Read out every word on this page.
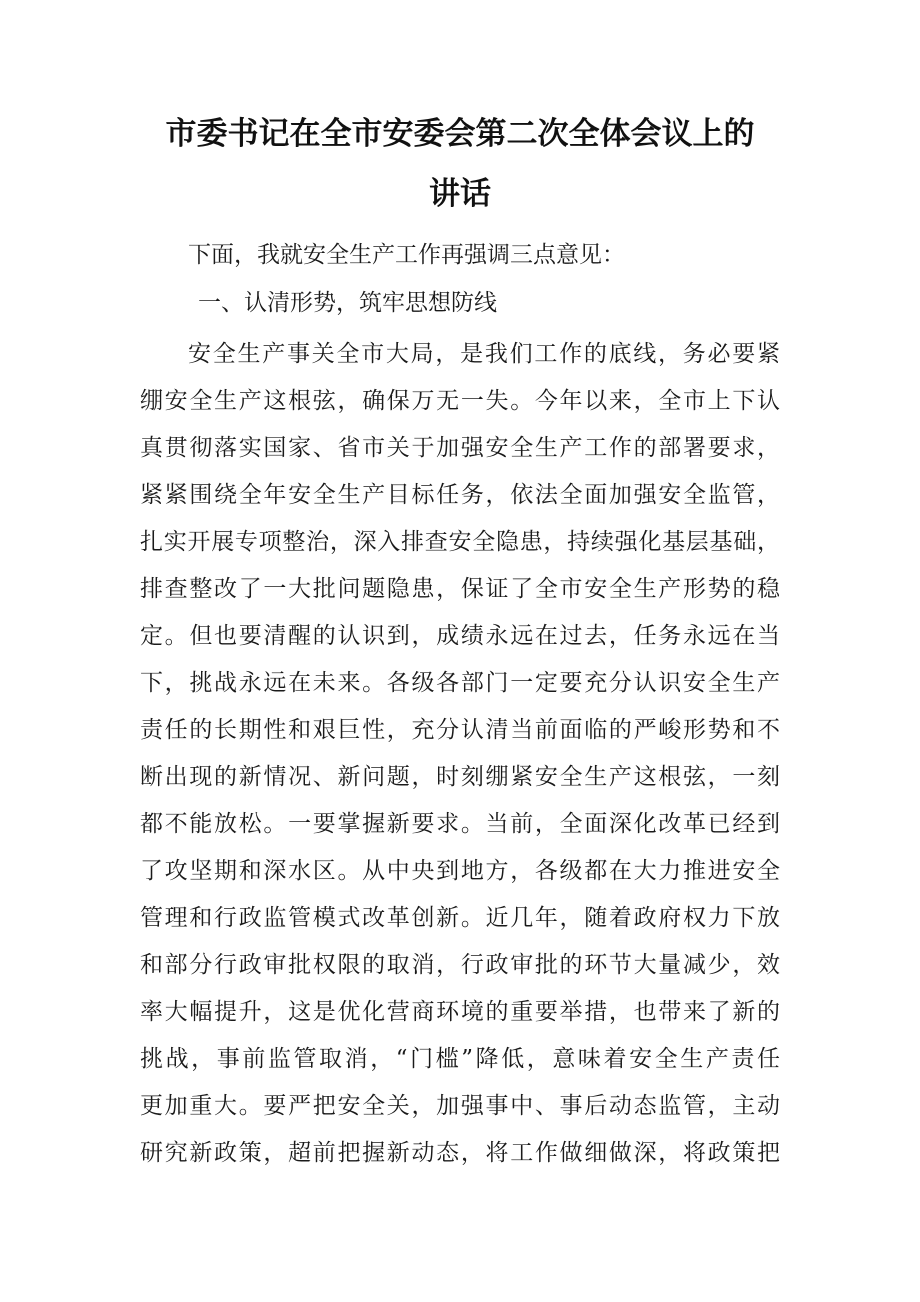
市委书记在全市安委会第二次全体会议上的
讲话
下面，我就安全生产工作再强调三点意见：
一、认清形势，筑牢思想防线
安全生产事关全市大局，是我们工作的底线，务必要紧
绷安全生产这根弦，确保万无一失。今年以来，全市上下认
真贯彻落实国家、省市关于加强安全生产工作的部署要求，
紧紧围绕全年安全生产目标任务，依法全面加强安全监管，
扎实开展专项整治，深入排查安全隐患，持续强化基层基础，
排查整改了一大批问题隐患，保证了全市安全生产形势的稳
定。但也要清醒的认识到，成绩永远在过去，任务永远在当
下，挑战永远在未来。各级各部门一定要充分认识安全生产
责任的长期性和艰巨性，充分认清当前面临的严峻形势和不
断出现的新情况、新问题，时刻绷紧安全生产这根弦，一刻
都不能放松。一要掌握新要求。当前，全面深化改革已经到
了攻坚期和深水区。从中央到地方，各级都在大力推进安全
管理和行政监管模式改革创新。近几年，随着政府权力下放
和部分行政审批权限的取消，行政审批的环节大量减少，效
率大幅提升，这是优化营商环境的重要举措，也带来了新的
挑战，事前监管取消，“门槛”降低，意味着安全生产责任
更加重大。要严把安全关，加强事中、事后动态监管，主动
研究新政策，超前把握新动态，将工作做细做深，将政策把
